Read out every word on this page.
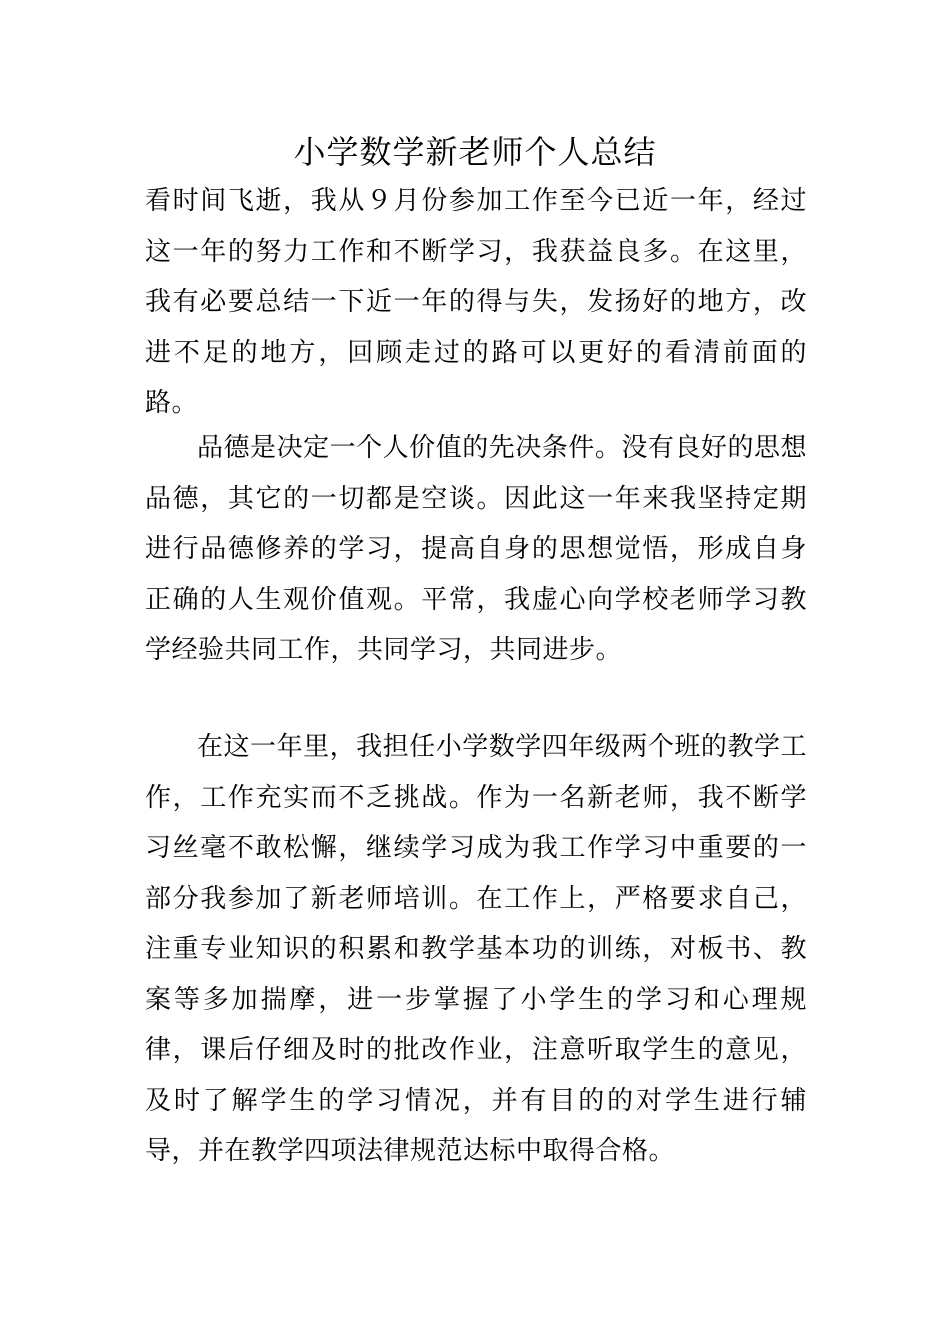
小学数学新老师个人总结

看时间飞逝，我从９月份参加工作至今已近一年，经过这一年的努力工作和不断学习，我获益良多。在这里，我有必要总结一下近一年的得与失，发扬好的地方，改进不足的地方，回顾走过的路可以更好的看清前面的路。

品德是决定一个人价值的先决条件。没有良好的思想品德，其它的一切都是空谈。因此这一年来我坚持定期进行品德修养的学习，提高自身的思想觉悟，形成自身正确的人生观价值观。平常，我虚心向学校老师学习教学经验共同工作，共同学习，共同进步。

在这一年里，我担任小学数学四年级两个班的教学工作，工作充实而不乏挑战。作为一名新老师，我不断学习丝毫不敢松懈，继续学习成为我工作学习中重要的一部分我参加了新老师培训。在工作上，严格要求自己，注重专业知识的积累和教学基本功的训练，对板书、教案等多加揣摩，进一步掌握了小学生的学习和心理规律，课后仔细及时的批改作业，注意听取学生的意见，及时了解学生的学习情况，并有目的的对学生进行辅导，并在教学四项法律规范达标中取得合格。
